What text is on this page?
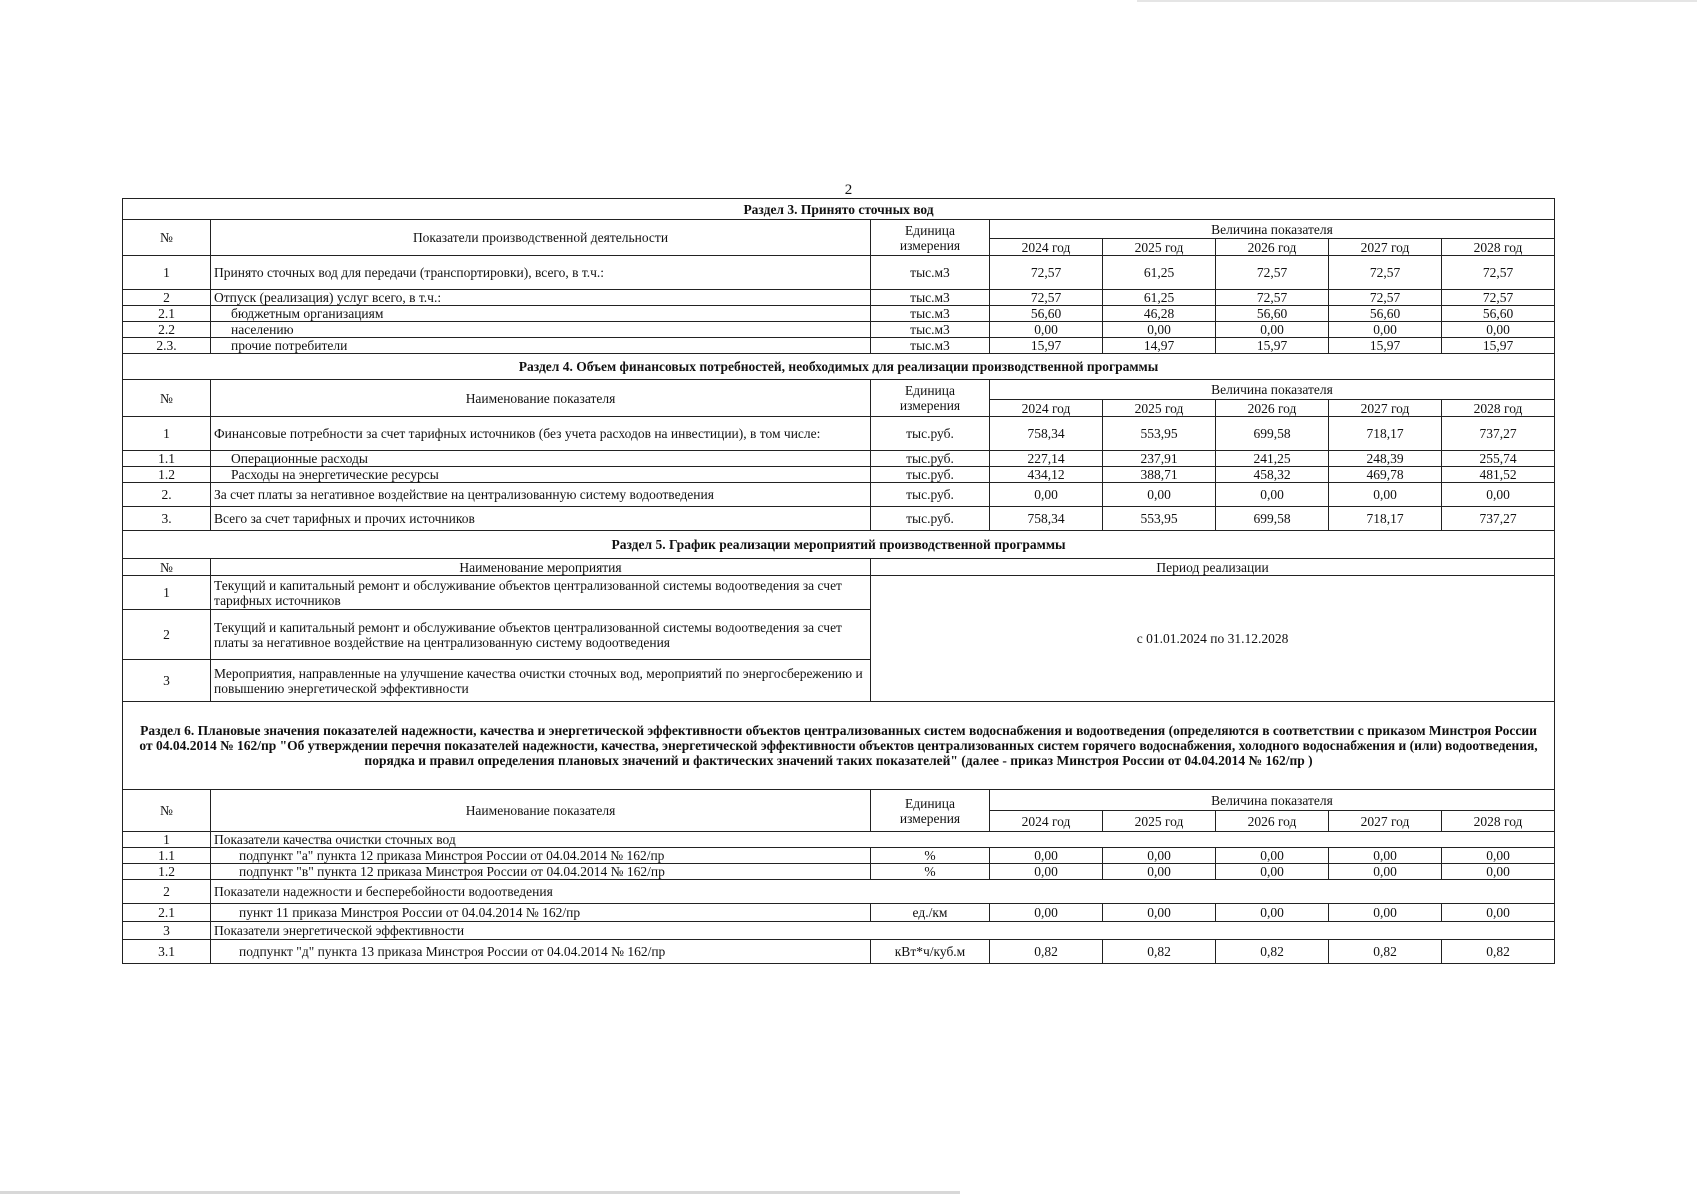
2
Раздел 3. Принято сточных вод							
№	Показатели производственной деятельности	Единица измерения	Величина показателя				
			2024 год	2025 год	2026 год	2027 год	2028 год
1	Принято сточных вод для передачи (транспортировки), всего, в т.ч.:	тыс.м3	72,57	61,25	72,57	72,57	72,57
2	Отпуск (реализация) услуг всего, в т.ч.:	тыс.м3	72,57	61,25	72,57	72,57	72,57
2.1	бюджетным организациям	тыс.м3	56,60	46,28	56,60	56,60	56,60
2.2	населению	тыс.м3	0,00	0,00	0,00	0,00	0,00
2.3.	прочие потребители	тыс.м3	15,97	14,97	15,97	15,97	15,97
Раздел 4. Объем финансовых потребностей, необходимых для реализации производственной программы							
№	Наименование показателя	Единица измерения	Величина показателя				
			2024 год	2025 год	2026 год	2027 год	2028 год
1	Финансовые потребности за счет тарифных источников (без учета расходов на инвестиции), в том числе:	тыс.руб.	758,34	553,95	699,58	718,17	737,27
1.1	Операционные расходы	тыс.руб.	227,14	237,91	241,25	248,39	255,74
1.2	Расходы на энергетические ресурсы	тыс.руб.	434,12	388,71	458,32	469,78	481,52
2.	За счет платы за негативное воздействие на централизованную систему водоотведения	тыс.руб.	0,00	0,00	0,00	0,00	0,00
3.	Всего за счет тарифных и прочих источников	тыс.руб.	758,34	553,95	699,58	718,17	737,27
Раздел 5. График реализации мероприятий производственной программы							
№	Наименование мероприятия	Период реализации					
1	Текущий и капитальный ремонт и обслуживание объектов централизованной системы водоотведения за счет тарифных источников	с 01.01.2024 по 31.12.2028					
2	Текущий и капитальный ремонт и обслуживание объектов централизованной системы водоотведения за счет платы за негативное воздействие на централизованную систему водоотведения						
3	Мероприятия, направленные на улучшение качества очистки сточных вод, мероприятий по энергосбережению и повышению энергетической эффективности						
Раздел 6. Плановые значения показателей надежности, качества и энергетической эффективности объектов централизованных систем водоснабжения и водоотведения (определяются в соответствии с приказом Минстроя России от 04.04.2014 № 162/пр "Об утверждении перечня показателей надежности, качества, энергетической эффективности объектов централизованных систем горячего водоснабжения, холодного водоснабжения и (или) водоотведения, порядка и правил определения плановых значений и фактических значений таких показателей" (далее - приказ Минстроя России от 04.04.2014 № 162/пр )							
№	Наименование показателя	Единица измерения	Величина показателя				
			2024 год	2025 год	2026 год	2027 год	2028 год
1	Показатели качества очистки сточных вод						
1.1	подпункт "а" пункта 12 приказа Минстроя России от 04.04.2014 № 162/пр	%	0,00	0,00	0,00	0,00	0,00
1.2	подпункт "в" пункта 12 приказа Минстроя России от 04.04.2014 № 162/пр	%	0,00	0,00	0,00	0,00	0,00
2	Показатели надежности и бесперебойности водоотведения						
2.1	пункт 11 приказа Минстроя России от 04.04.2014 № 162/пр	ед./км	0,00	0,00	0,00	0,00	0,00
3	Показатели энергетической эффективности						
3.1	подпункт "д" пункта 13 приказа Минстроя России от 04.04.2014 № 162/пр	кВт*ч/куб.м	0,82	0,82	0,82	0,82	0,82
